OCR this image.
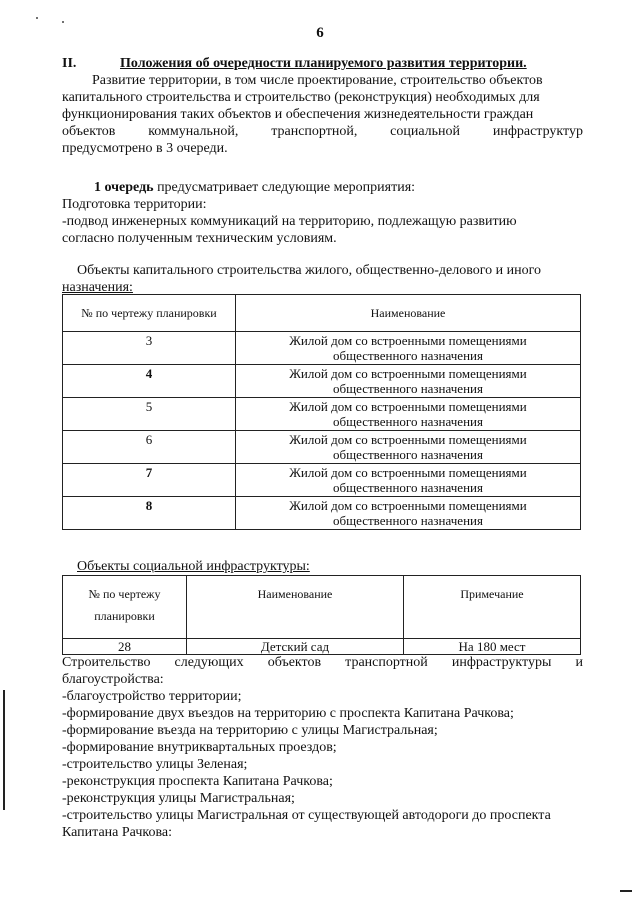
6
II.	Положения об очередности планируемого развития территории.
Развитие территории, в том числе проектирование, строительство объектов
капитального строительства и строительство (реконструкция) необходимых для
функционирования таких объектов и обеспечения жизнедеятельности граждан
объектов коммунальной, транспортной, социальной инфраструктур
предусмотрено в 3 очереди.
1 очередь предусматривает следующие мероприятия:
Подготовка территории:
-подвод инженерных коммуникаций на территорию, подлежащую развитию
согласно полученным техническим условиям.
Объекты капитального строительства жилого, общественно-делового и иного
назначения:
№ по чертежу планировки	Наименование
3	Жилой дом со встроенными помещениями
общественного назначения

4	Жилой дом со встроенными помещениями
общественного назначения

5	Жилой дом со встроенными помещениями
общественного назначения

6	Жилой дом со встроенными помещениями
общественного назначения

7	Жилой дом со встроенными помещениями
общественного назначения

8	Жилой дом со встроенными помещениями
общественного назначения
Объекты социальной инфраструктуры:
№ по чертежу
планировки	Наименование	Примечание
28	Детский сад	На 180 мест
Строительство следующих объектов транспортной инфраструктуры и
благоустройства:
-благоустройство территории;
-формирование двух въездов на территорию с проспекта Капитана Рачкова;
-формирование въезда на территорию с улицы Магистральная;
-формирование внутриквартальных проездов;
-строительство улицы Зеленая;
-реконструкция проспекта Капитана Рачкова;
-реконструкция улицы Магистральная;
-строительство улицы Магистральная от существующей автодороги до проспекта
Капитана Рачкова:
